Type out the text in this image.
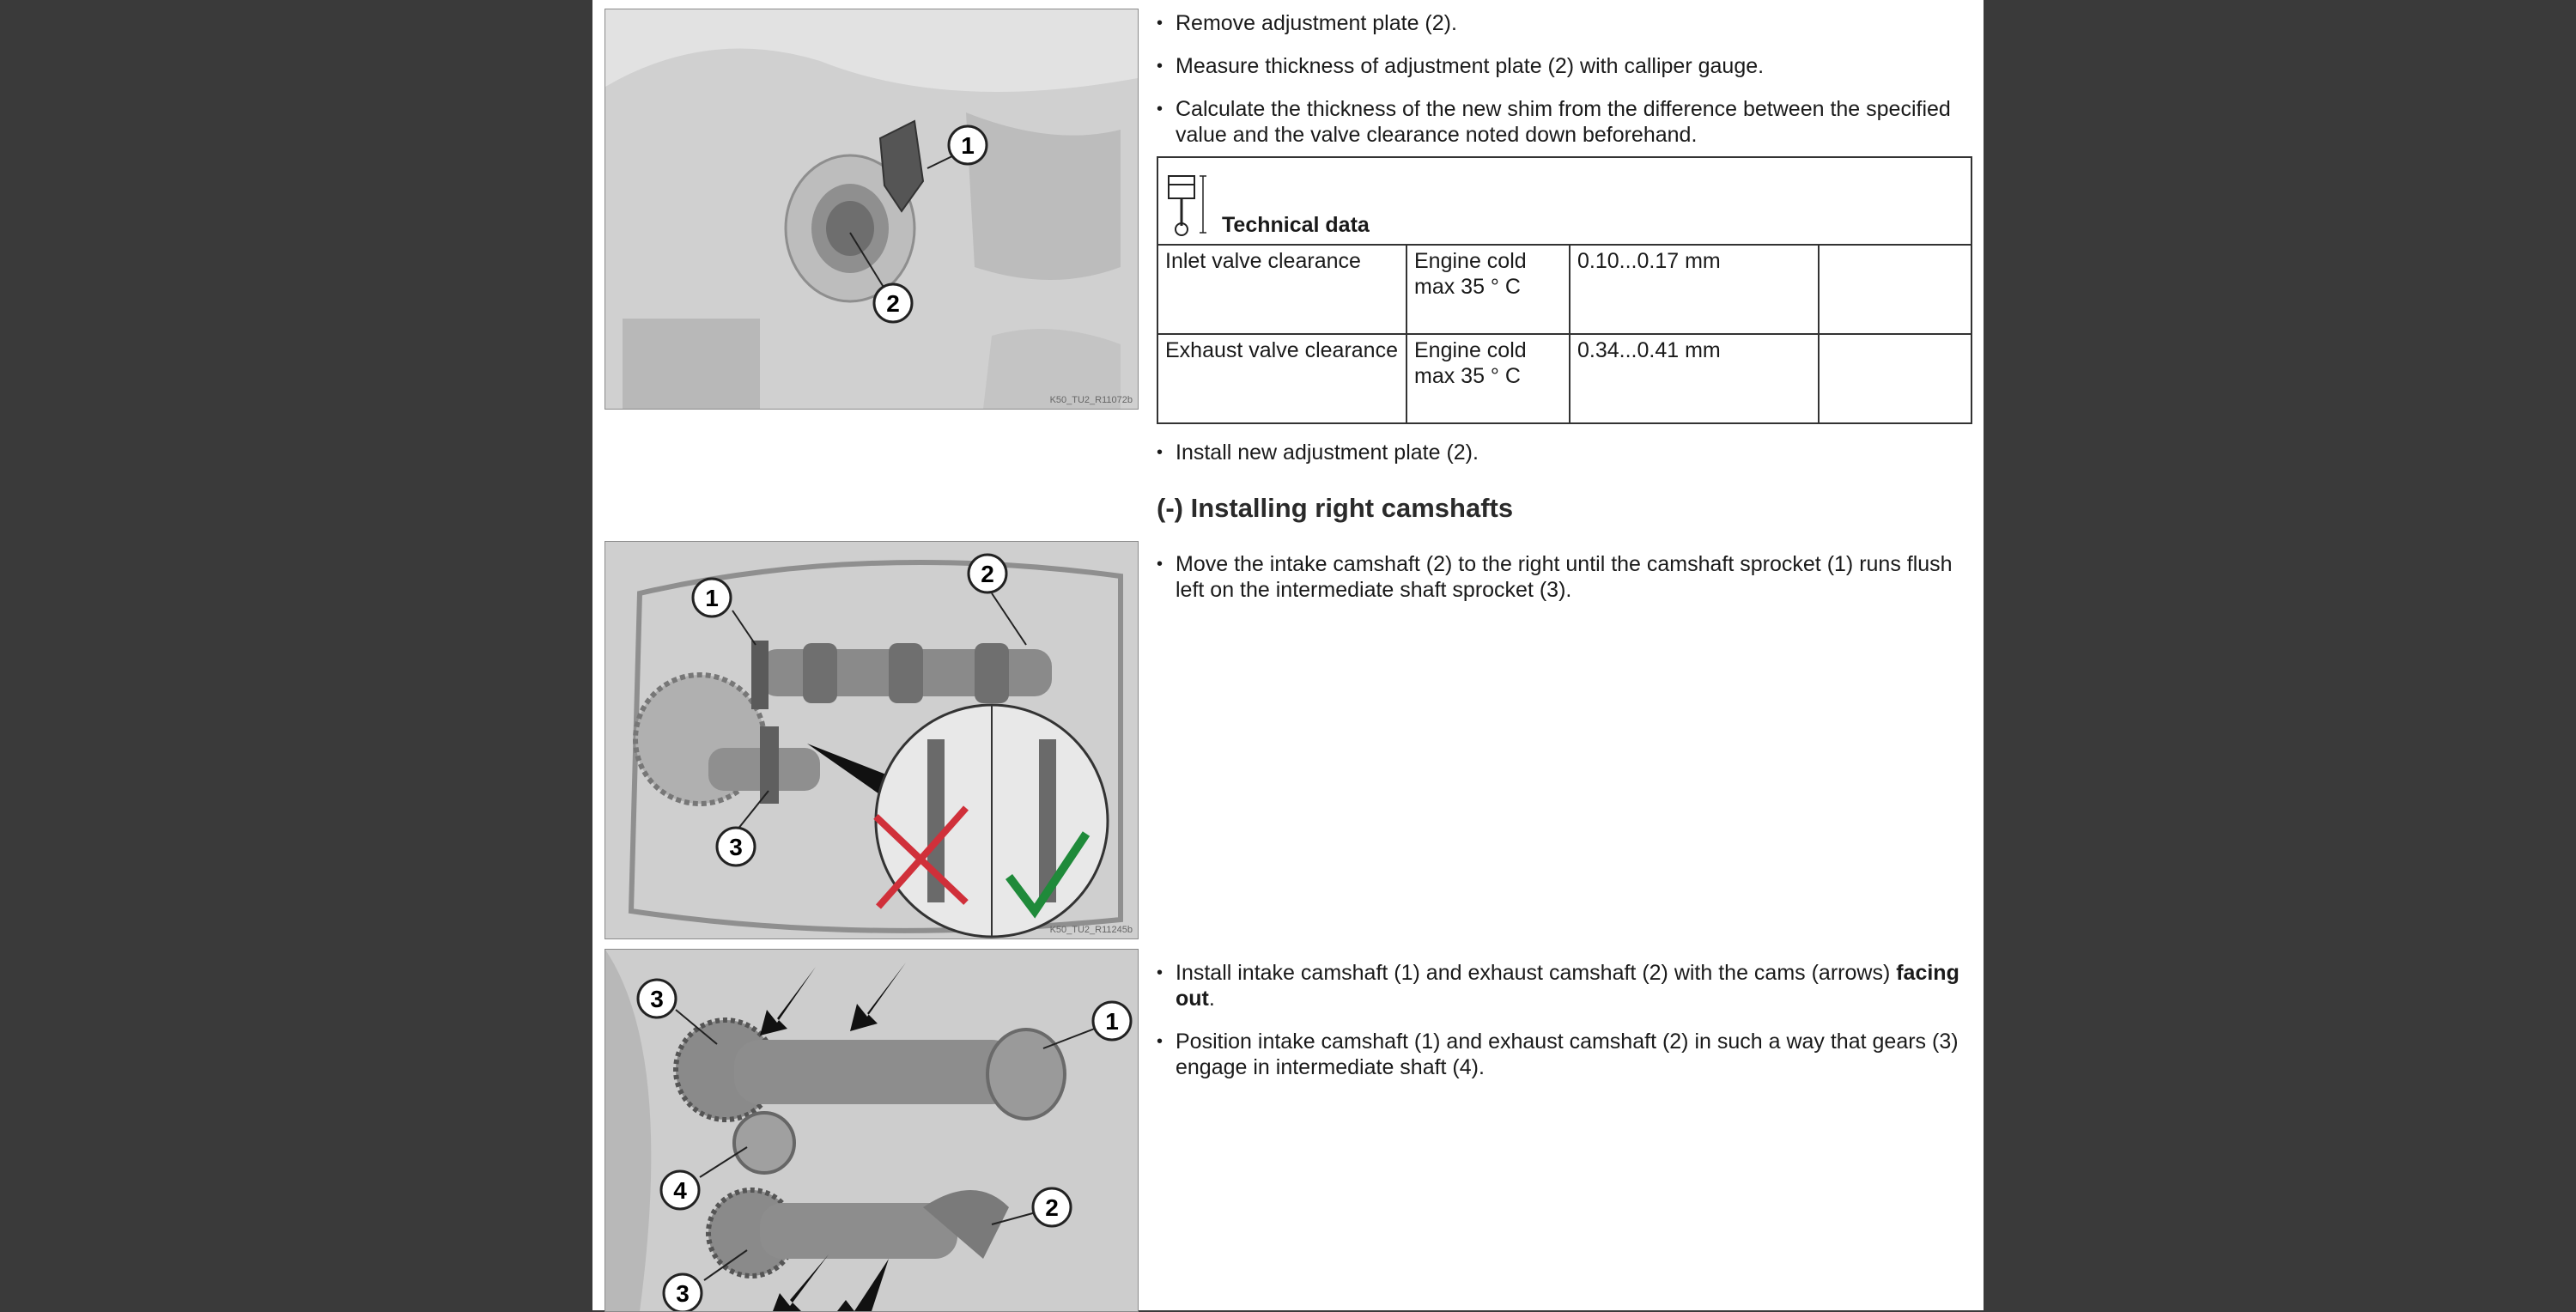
1
2
K50_TU2_R11072b
1
2
3
K50_TU2_R11245b
3
1
4
2
3

• Remove adjustment plate (2).

• Measure thickness of adjustment plate (2) with calliper gauge.

• Calculate the thickness of the new shim from the difference between the specified value and the valve clearance noted down beforehand.

Technical data			

Inlet valve clearance	Engine cold max 35 ° C	0.10...0.17 mm	
Exhaust valve clearance	Engine cold max 35 ° C	0.34...0.41 mm	

• Install new adjustment plate (2).

(-) Installing right camshafts

• Move the intake camshaft (2) to the right until the camshaft sprocket (1) runs flush left on the intermediate shaft sprocket (3).

• Install intake camshaft (1) and exhaust camshaft (2) with the cams (arrows) facing out.

• Position intake camshaft (1) and exhaust camshaft (2) in such a way that gears (3) engage in intermediate shaft (4).
